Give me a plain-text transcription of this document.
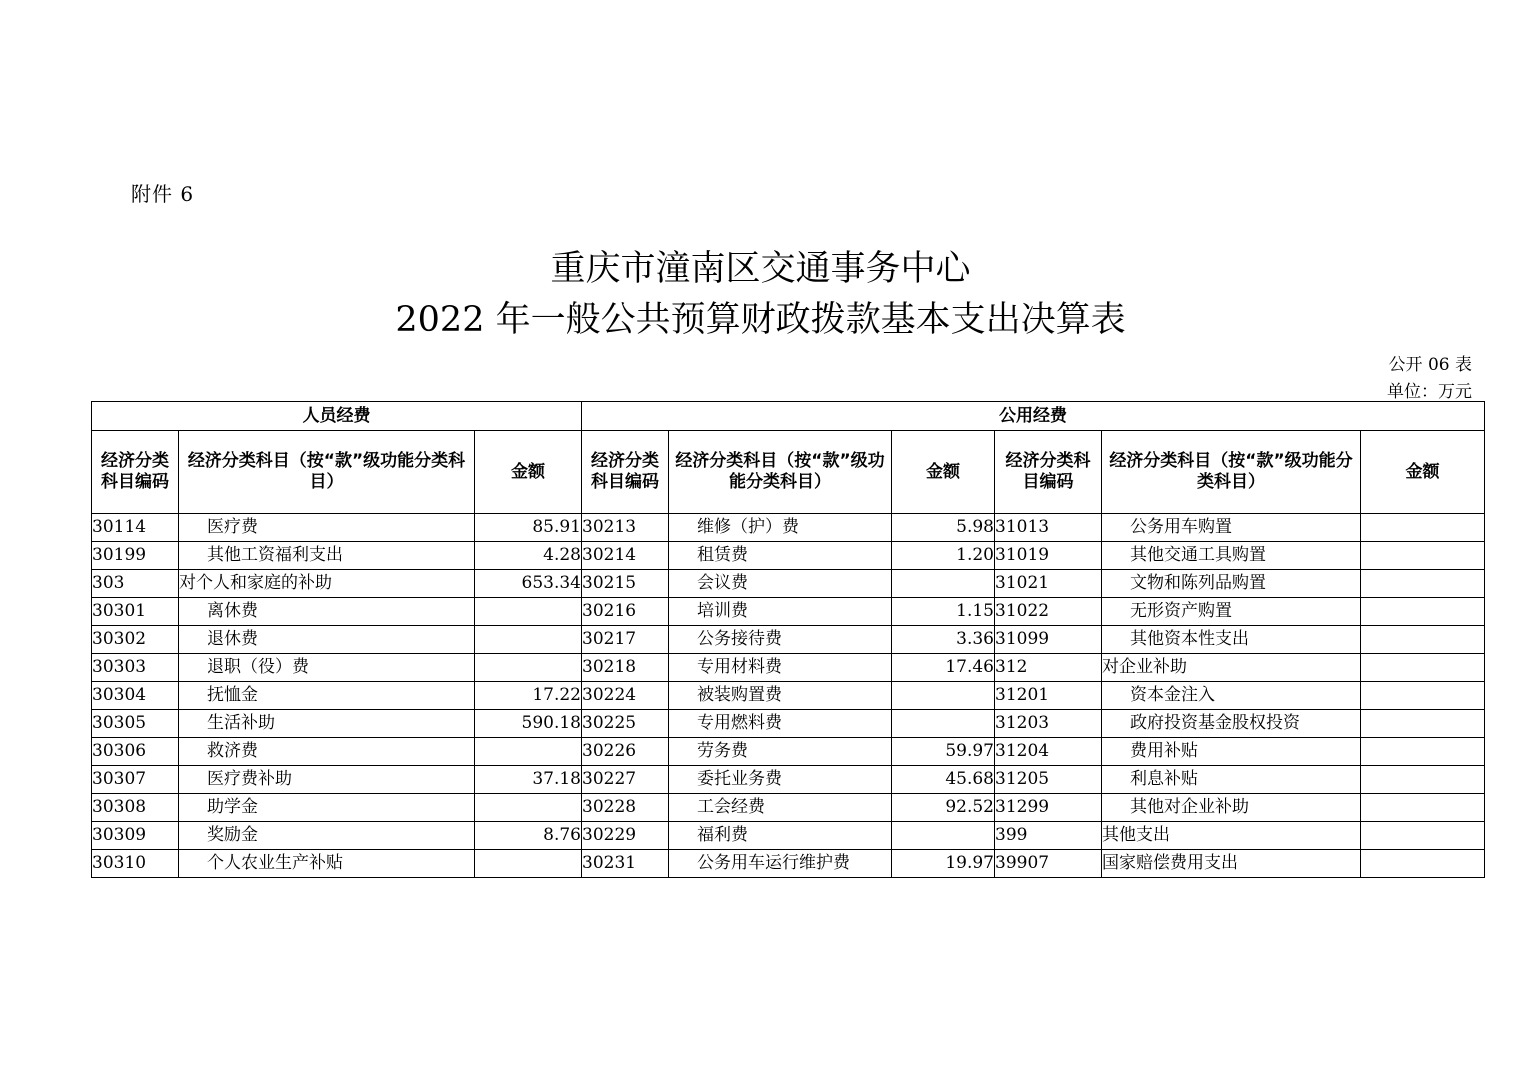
附件 6
重庆市潼南区交通事务中心
2022 年一般公共预算财政拨款基本支出决算表
公开 06 表
单位：万元
人员经费			公用经费					
经济分类科目编码	经济分类科目（按“款”级功能分类科目）	金额	经济分类科目编码	经济分类科目（按“款”级功能分类科目）	金额	经济分类科目编码	经济分类科目（按“款”级功能分类科目）	金额
30114	医疗费	85.91	30213	维修（护）费	5.98	31013	公务用车购置	
30199	其他工资福利支出	4.28	30214	租赁费	1.20	31019	其他交通工具购置	
303	对个人和家庭的补助	653.34	30215	会议费		31021	文物和陈列品购置	
30301	离休费		30216	培训费	1.15	31022	无形资产购置	
30302	退休费		30217	公务接待费	3.36	31099	其他资本性支出	
30303	退职（役）费		30218	专用材料费	17.46	312	对企业补助	
30304	抚恤金	17.22	30224	被装购置费		31201	资本金注入	
30305	生活补助	590.18	30225	专用燃料费		31203	政府投资基金股权投资	
30306	救济费		30226	劳务费	59.97	31204	费用补贴	
30307	医疗费补助	37.18	30227	委托业务费	45.68	31205	利息补贴	
30308	助学金		30228	工会经费	92.52	31299	其他对企业补助	
30309	奖励金	8.76	30229	福利费		399	其他支出	
30310	个人农业生产补贴		30231	公务用车运行维护费	19.97	39907	国家赔偿费用支出	
